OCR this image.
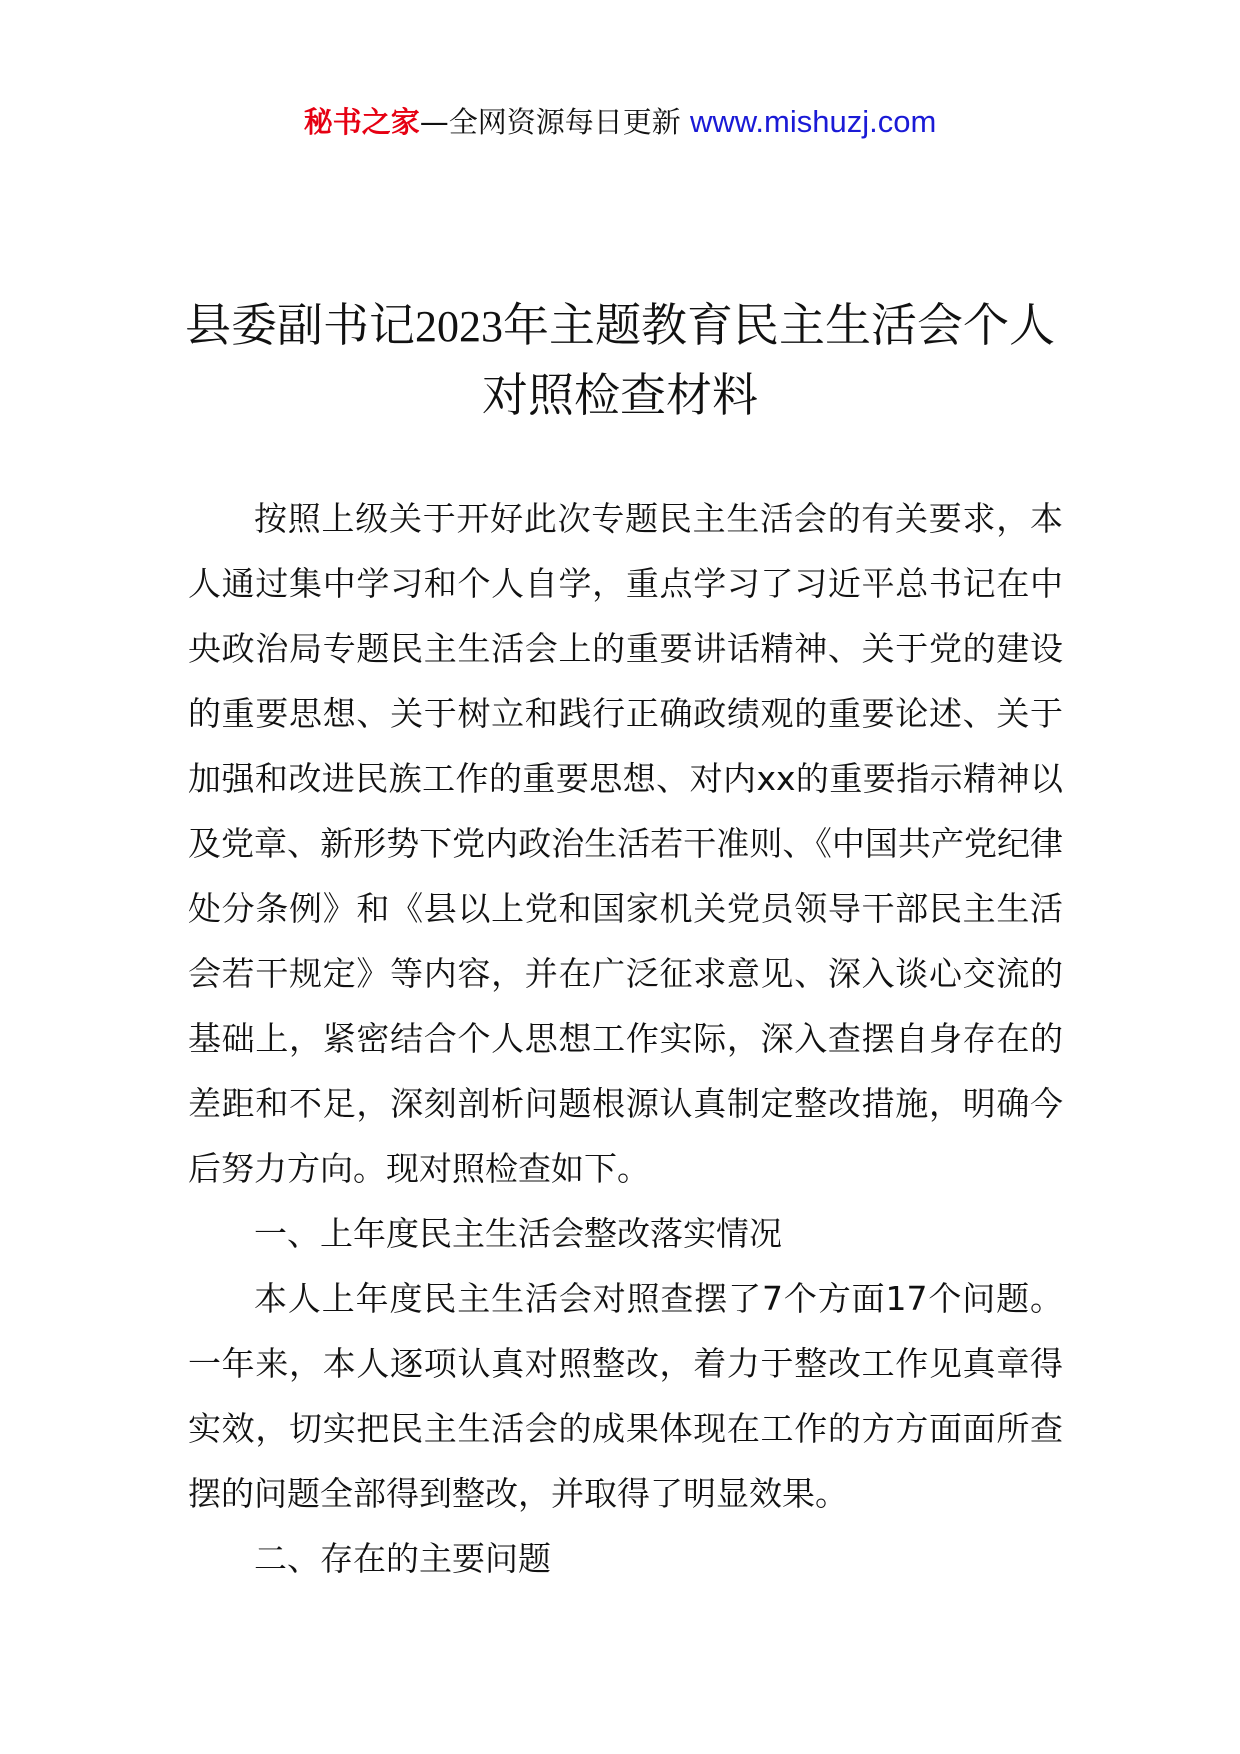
秘书之家—全网资源每日更新 www.mishuzj.com
县委副书记2023年主题教育民主生活会个人对照检查材料

按照上级关于开好此次专题民主生活会的有关要求，本人通过集中学习和个人自学，重点学习了习近平总书记在中央政治局专题民主生活会上的重要讲话精神、关于党的建设的重要思想、关于树立和践行正确政绩观的重要论述、关于加强和改进民族工作的重要思想、对内xx的重要指示精神以及党章、新形势下党内政治生活若干准则、《中国共产党纪律处分条例》和《县以上党和国家机关党员领导干部民主生活会若干规定》等内容，并在广泛征求意见、深入谈心交流的基础上，紧密结合个人思想工作实际，深入查摆自身存在的差距和不足，深刻剖析问题根源认真制定整改措施，明确今后努力方向。现对照检查如下。

一、上年度民主生活会整改落实情况

本人上年度民主生活会对照查摆了7个方面17个问题。一年来，本人逐项认真对照整改，着力于整改工作见真章得实效，切实把民主生活会的成果体现在工作的方方面面所查摆的问题全部得到整改，并取得了明显效果。

二、存在的主要问题
